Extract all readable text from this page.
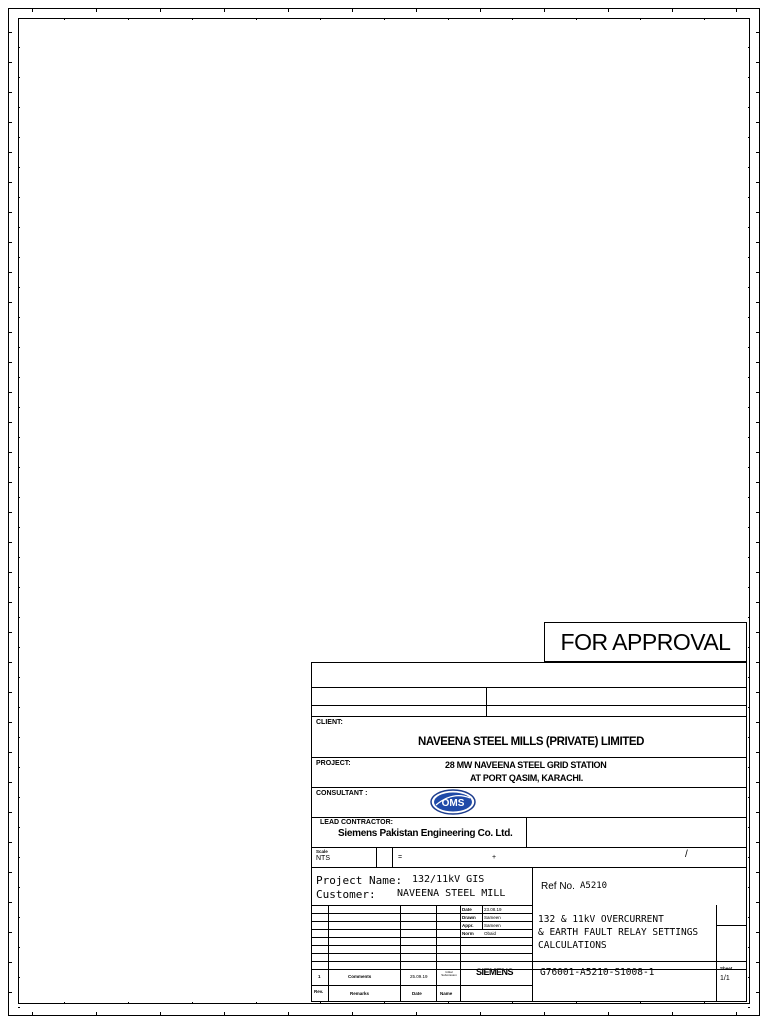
FOR APPROVAL
CLIENT:
NAVEENA STEEL MILLS (PRIVATE) LIMITED
PROJECT:	28 MW NAVEENA STEEL GRID STATION
AT PORT QASIM, KARACHI.
CONSULTANT :
OMS
LEAD CONTRACTOR:
Siemens Pakistan Engineering Co. Ltd.
Scale
NTS	=	+	/
Project Name: 132/11kV GIS
Customer: NAVEENA STEEL MILL
Ref No. A5210
Date	23.08.19
Drawn Sameen
Appr. Sameen
Norm Obaid
132 & 11kV OVERCURRENT
& EARTH FAULT RELAY SETTINGS
CALCULATIONS
SIEMENS	G76001-A5210-S1008-1	Sheet
1/1
1	Comments	25.09.19
Initial Submission
Rev.	Remarks	Date	Name
